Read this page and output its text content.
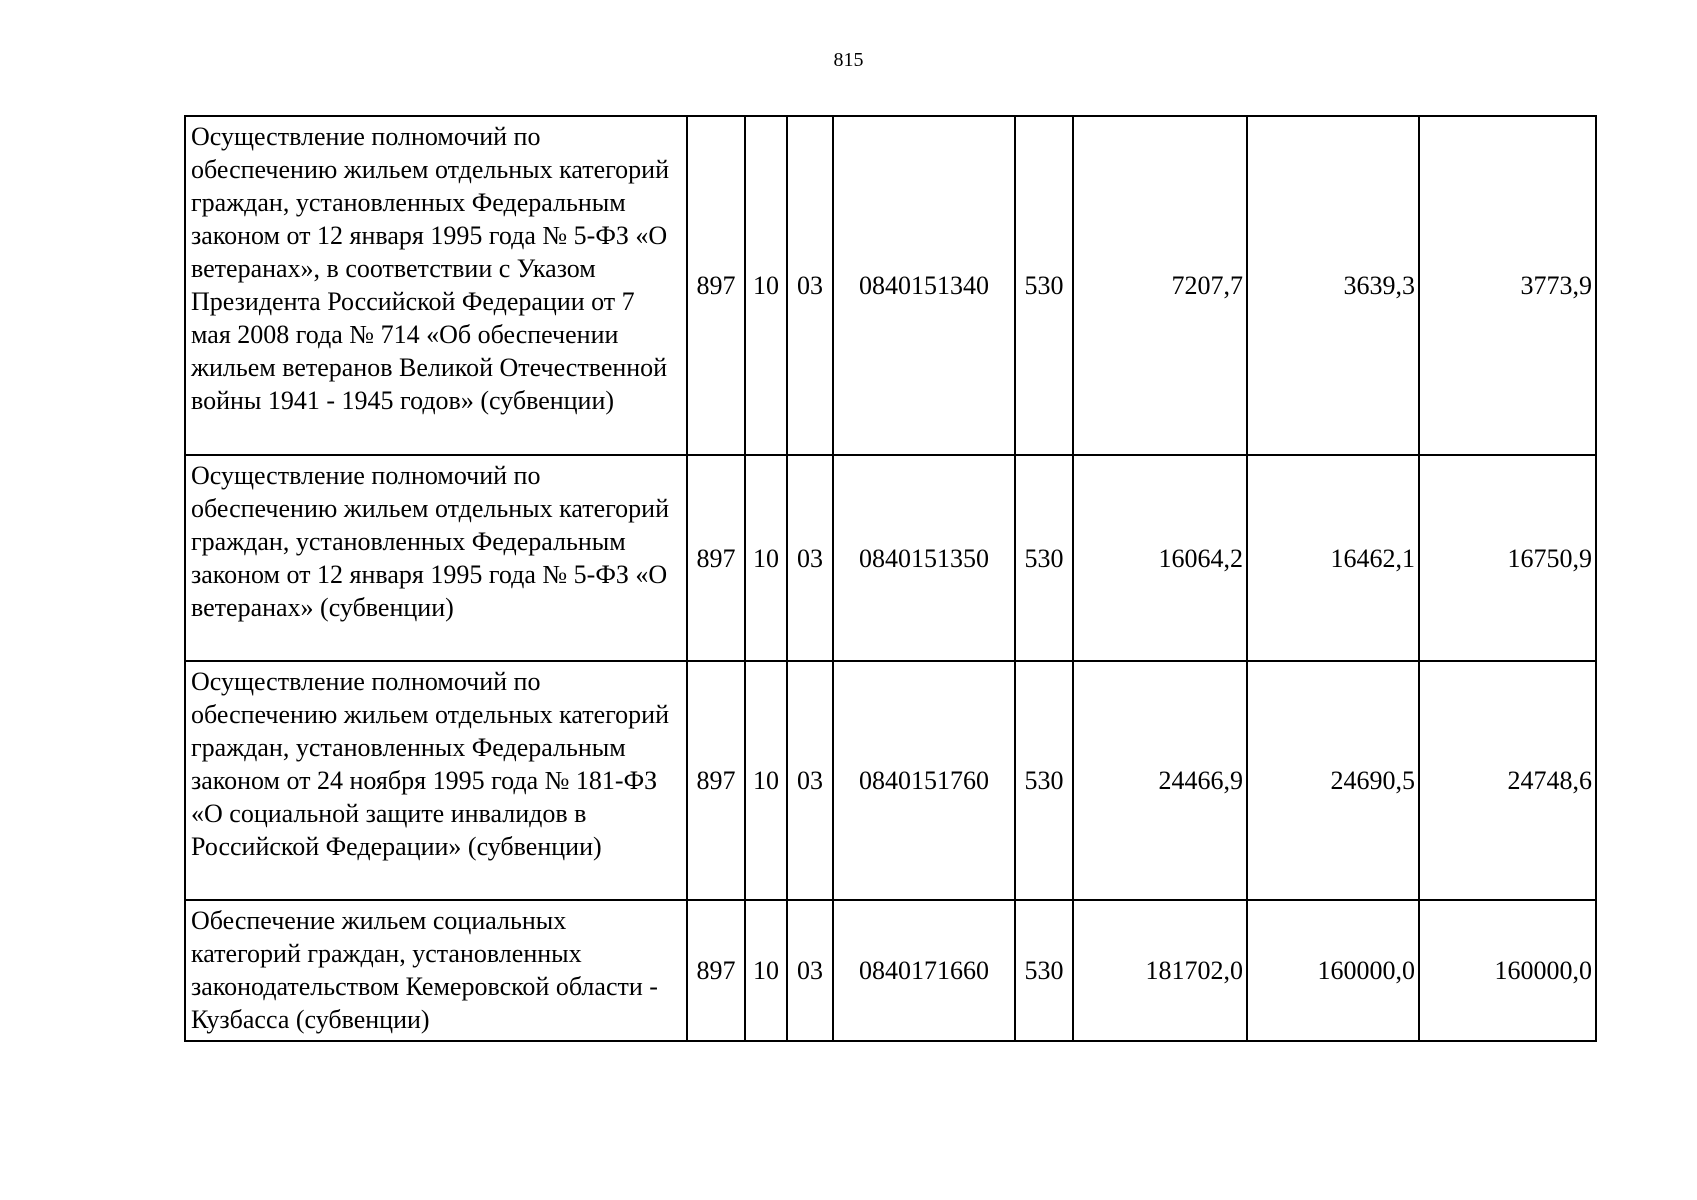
815
Осуществление полномочий по обеспечению жильем отдельных категорий граждан, установленных Федеральным законом от 12 января 1995 года № 5-ФЗ «О ветеранах», в соответствии с Указом Президента Российской Федерации от 7 мая 2008 года № 714 «Об обеспечении жильем ветеранов Великой Отечественной войны 1941 - 1945 годов» (субвенции)	897	10	03	0840151340	530	7207,7	3639,3	3773,9
Осуществление полномочий по обеспечению жильем отдельных категорий граждан, установленных Федеральным законом от 12 января 1995 года № 5-ФЗ «О ветеранах» (субвенции)	897	10	03	0840151350	530	16064,2	16462,1	16750,9
Осуществление полномочий по обеспечению жильем отдельных категорий граждан, установленных Федеральным законом от 24 ноября 1995 года № 181-ФЗ «О социальной защите инвалидов в Российской Федерации» (субвенции)	897	10	03	0840151760	530	24466,9	24690,5	24748,6
Обеспечение жильем социальных категорий граждан, установленных законодательством Кемеровской области - Кузбасса (субвенции)	897	10	03	0840171660	530	181702,0	160000,0	160000,0
